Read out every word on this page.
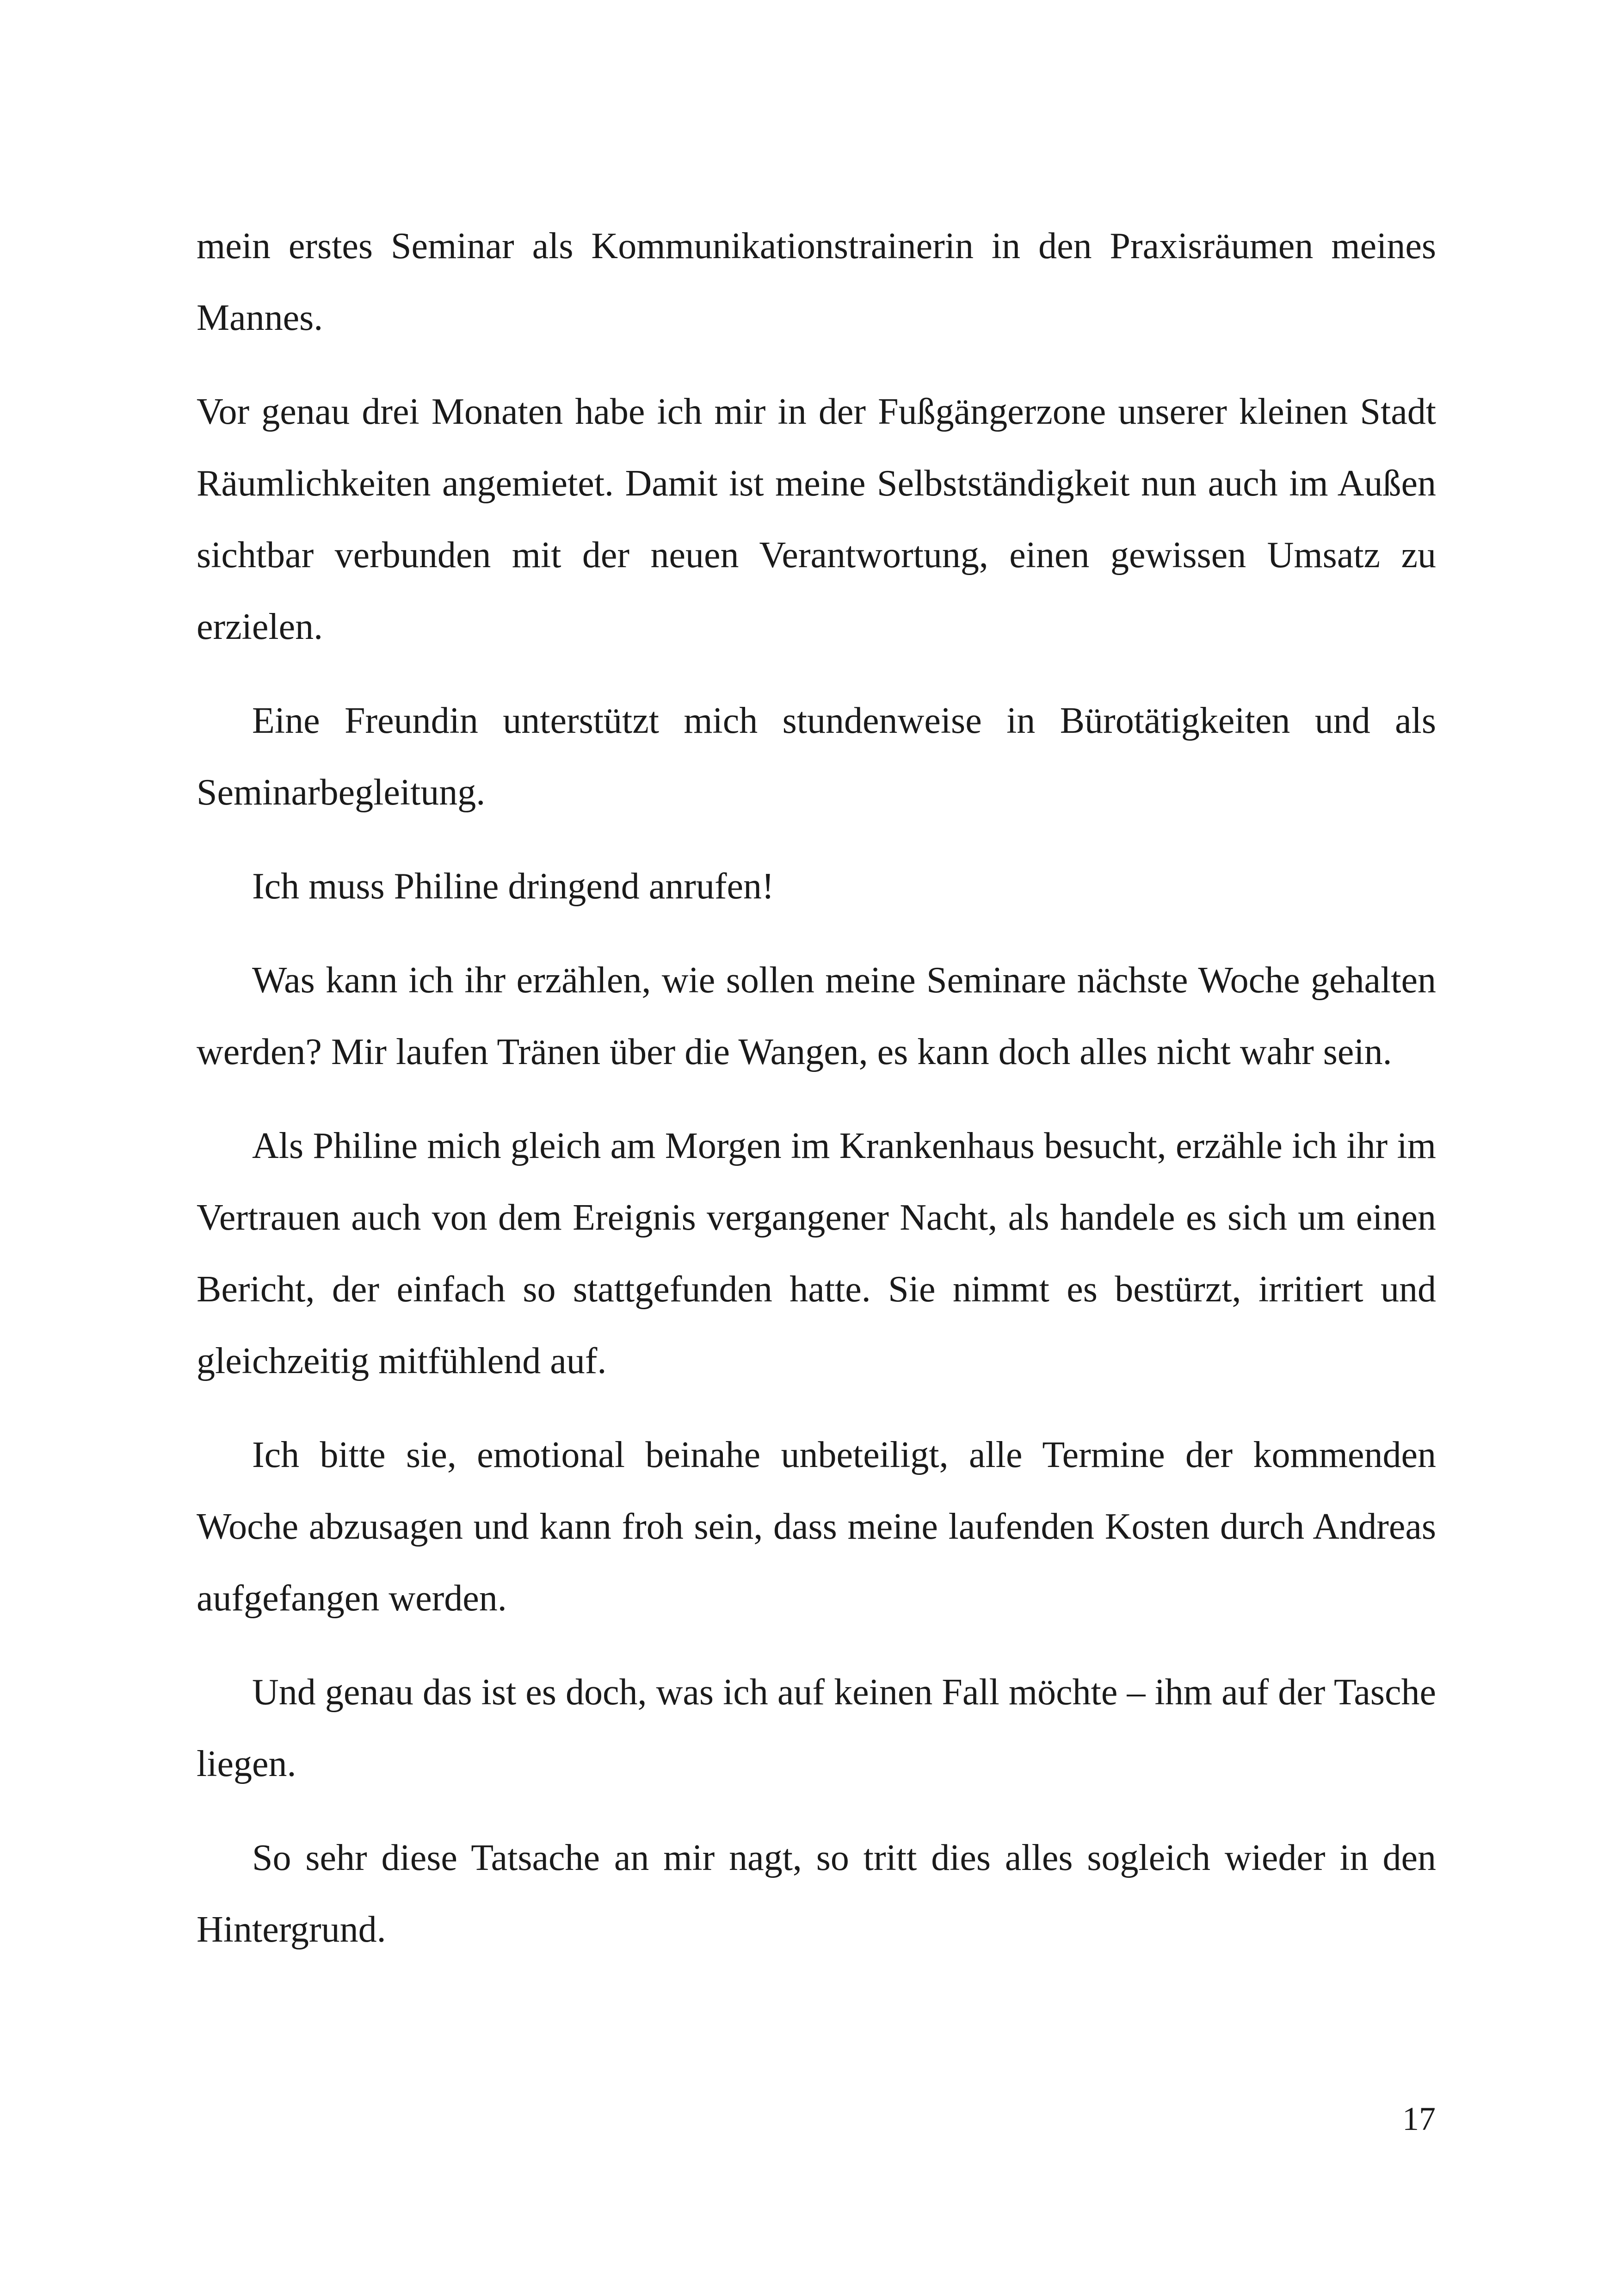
mein erstes Seminar als Kommunikationstrainerin in den Praxisräumen meines Mannes.

Vor genau drei Monaten habe ich mir in der Fußgängerzone unserer kleinen Stadt Räumlichkeiten angemietet. Damit ist meine Selbstständigkeit nun auch im Außen sichtbar verbunden mit der neuen Verantwortung, einen gewissen Umsatz zu erzielen.

Eine Freundin unterstützt mich stundenweise in Bürotätigkeiten und als Seminarbegleitung.

Ich muss Philine dringend anrufen!

Was kann ich ihr erzählen, wie sollen meine Seminare nächste Woche gehalten werden? Mir laufen Tränen über die Wangen, es kann doch alles nicht wahr sein.

Als Philine mich gleich am Morgen im Krankenhaus besucht, erzähle ich ihr im Vertrauen auch von dem Ereignis vergangener Nacht, als handele es sich um einen Bericht, der einfach so stattgefunden hatte. Sie nimmt es bestürzt, irritiert und gleichzeitig mitfühlend auf.

Ich bitte sie, emotional beinahe unbeteiligt, alle Termine der kommenden Woche abzusagen und kann froh sein, dass meine laufenden Kosten durch Andreas aufgefangen werden.

Und genau das ist es doch, was ich auf keinen Fall möchte – ihm auf der Tasche liegen.

So sehr diese Tatsache an mir nagt, so tritt dies alles sogleich wieder in den Hintergrund.

17
